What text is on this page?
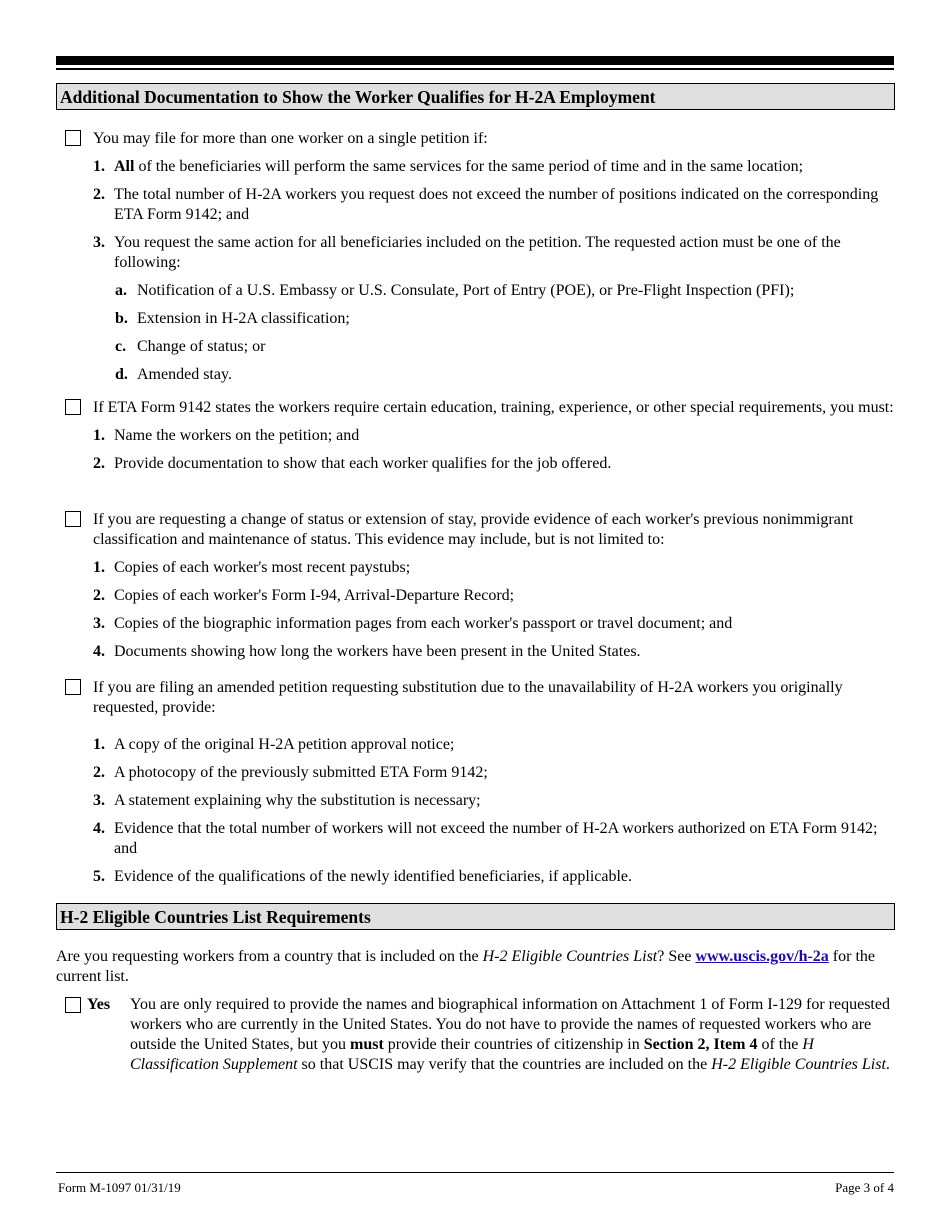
Additional Documentation to Show the Worker Qualifies for H-2A Employment
You may file for more than one worker on a single petition if:
1. All of the beneficiaries will perform the same services for the same period of time and in the same location;
2. The total number of H-2A workers you request does not exceed the number of positions indicated on the corresponding ETA Form 9142; and
3. You request the same action for all beneficiaries included on the petition. The requested action must be one of the following:
a. Notification of a U.S. Embassy or U.S. Consulate, Port of Entry (POE), or Pre-Flight Inspection (PFI);
b. Extension in H-2A classification;
c. Change of status; or
d. Amended stay.
If ETA Form 9142 states the workers require certain education, training, experience, or other special requirements, you must:
1. Name the workers on the petition; and
2. Provide documentation to show that each worker qualifies for the job offered.
If you are requesting a change of status or extension of stay, provide evidence of each worker's previous nonimmigrant classification and maintenance of status. This evidence may include, but is not limited to:
1. Copies of each worker's most recent paystubs;
2. Copies of each worker's Form I-94, Arrival-Departure Record;
3. Copies of the biographic information pages from each worker's passport or travel document; and
4. Documents showing how long the workers have been present in the United States.
If you are filing an amended petition requesting substitution due to the unavailability of H-2A workers you originally requested, provide:
1. A copy of the original H-2A petition approval notice;
2. A photocopy of the previously submitted ETA Form 9142;
3. A statement explaining why the substitution is necessary;
4. Evidence that the total number of workers will not exceed the number of H-2A workers authorized on ETA Form 9142; and
5. Evidence of the qualifications of the newly identified beneficiaries, if applicable.
H-2 Eligible Countries List Requirements
Are you requesting workers from a country that is included on the H-2 Eligible Countries List? See www.uscis.gov/h-2a for the current list.
Yes You are only required to provide the names and biographical information on Attachment 1 of Form I-129 for requested workers who are currently in the United States. You do not have to provide the names of requested workers who are outside the United States, but you must provide their countries of citizenship in Section 2, Item 4 of the H Classification Supplement so that USCIS may verify that the countries are included on the H-2 Eligible Countries List.
Form M-1097 01/31/19	Page 3 of 4
